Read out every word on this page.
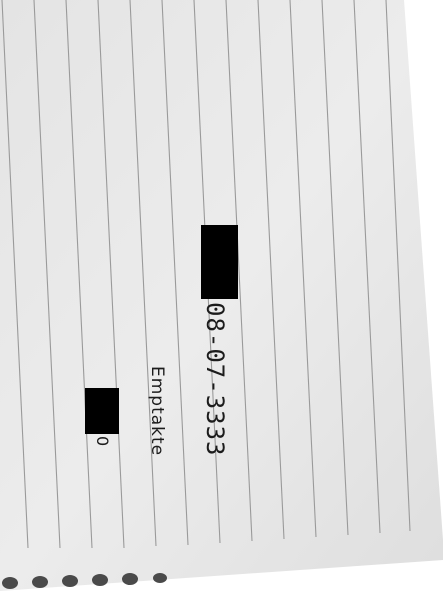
08-07-3333
Emptakte
0
